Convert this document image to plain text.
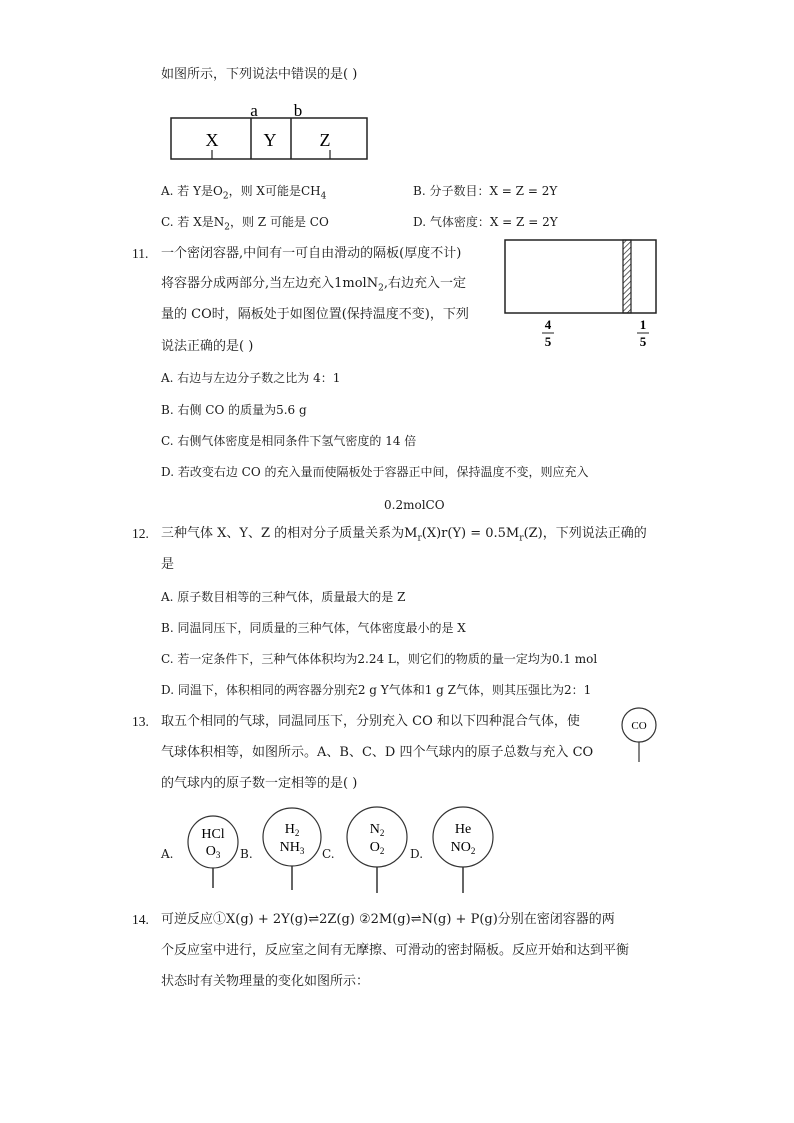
如图所示，下列说法中错误的是( )
a b
X	Y Z
A. 若 Y是$O_2$，则 X可能是$CH_4$	B. 分子数目：X = Z = 2Y
C. 若 X是$N_2$，则 Z 可能是 CO	D. 气体密度：X = Z = 2Y
11. 一个密闭容器,中间有一可自由滑动的隔板(厚度不计)
将容器分成两部分,当左边充入1molN$_2$,右边充入一定
量的 CO时，隔板处于如图位置(保持温度不变)，下列
说法正确的是( )
4
5
1
5
A. 右边与左边分子数之比为 4：1
B. 右侧 CO 的质量为5.6 g
C. 右侧气体密度是相同条件下氢气密度的 14 倍
D. 若改变右边 CO 的充入量而使隔板处于容器正中间，保持温度不变，则应充入
0.2molCO
12. 三种气体 X、Y、Z 的相对分子质量关系为$M_r(X)r(Y) = 0.5M_r(Z)$，下列说法正确的
是
A. 原子数目相等的三种气体，质量最大的是 Z
B. 同温同压下，同质量的三种气体，气体密度最小的是 X
C. 若一定条件下，三种气体体积均为2.24 L，则它们的物质的量一定均为0.1 mol
D. 同温下，体积相同的两容器分别充2 g Y气体和1 g Z气体，则其压强比为2：1
13. 取五个相同的气球，同温同压下，分别充入 CO 和以下四种混合气体，使
气球体积相等，如图所示。A、B、C、D 四个气球内的原子总数与充入 CO
的气球内的原子数一定相等的是( )
CO
A.
HCl
$O_3$ B.
$H_2$
$NH_3$ C.
$N_2$
$O_2$ D.
He
$NO_2$
14. 可逆反应①X(g) + 2Y(g)⇌2Z(g) ②2M(g)⇌N(g) + P(g)分别在密闭容器的两
个反应室中进行，反应室之间有无摩擦、可滑动的密封隔板。反应开始和达到平衡
状态时有关物理量的变化如图所示：
